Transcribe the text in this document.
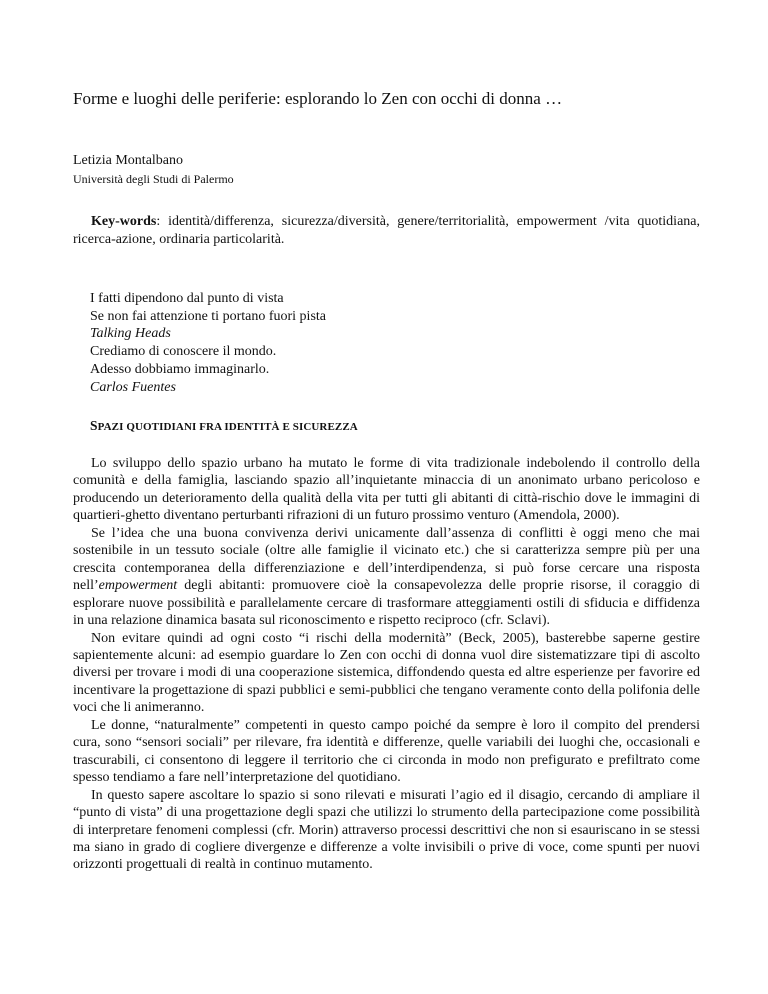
Forme e luoghi delle periferie: esplorando lo Zen con occhi di donna …
Letizia Montalbano
Università degli Studi di Palermo

Key-words: identità/differenza, sicurezza/diversità, genere/territorialità, empowerment /vita quotidiana, ricerca-azione, ordinaria particolarità.

I fatti dipendono dal punto di vista
Se non fai attenzione ti portano fuori pista
Talking Heads
Crediamo di conoscere il mondo.
Adesso dobbiamo immaginarlo.
Carlos Fuentes
SPAZI QUOTIDIANI FRA IDENTITÀ E SICUREZZA

Lo sviluppo dello spazio urbano ha mutato le forme di vita tradizionale indebolendo il controllo della comunità e della famiglia, lasciando spazio all’inquietante minaccia di un anonimato urbano pericoloso e producendo un deterioramento della qualità della vita per tutti gli abitanti di città-rischio dove le immagini di quartieri-ghetto diventano perturbanti rifrazioni di un futuro prossimo venturo (Amendola, 2000).

Se l’idea che una buona convivenza derivi unicamente dall’assenza di conflitti è oggi meno che mai sostenibile in un tessuto sociale (oltre alle famiglie il vicinato etc.) che si caratterizza sempre più per una crescita contemporanea della differenziazione e dell’interdipendenza, si può forse cercare una risposta nell’empowerment degli abitanti: promuovere cioè la consapevolezza delle proprie risorse, il coraggio di esplorare nuove possibilità e parallelamente cercare di trasformare atteggiamenti ostili di sfiducia e diffidenza in una relazione dinamica basata sul riconoscimento e rispetto reciproco (cfr. Sclavi).

Non evitare quindi ad ogni costo “i rischi della modernità” (Beck, 2005), basterebbe saperne gestire sapientemente alcuni: ad esempio guardare lo Zen con occhi di donna vuol dire sistematizzare tipi di ascolto diversi per trovare i modi di una cooperazione sistemica, diffondendo questa ed altre esperienze per favorire ed incentivare la progettazione di spazi pubblici e semi-pubblici che tengano veramente conto della polifonia delle voci che li animeranno.

Le donne, “naturalmente” competenti in questo campo poiché da sempre è loro il compito del prendersi cura, sono “sensori sociali” per rilevare, fra identità e differenze, quelle variabili dei luoghi che, occasionali e trascurabili, ci consentono di leggere il territorio che ci circonda in modo non prefigurato e prefiltrato come spesso tendiamo a fare nell’interpretazione del quotidiano.

In questo sapere ascoltare lo spazio si sono rilevati e misurati l’agio ed il disagio, cercando di ampliare il “punto di vista” di una progettazione degli spazi che utilizzi lo strumento della partecipazione come possibilità di interpretare fenomeni complessi (cfr. Morin) attraverso processi descrittivi che non si esauriscano in se stessi ma siano in grado di cogliere divergenze e differenze a volte invisibili o prive di voce, come spunti per nuovi orizzonti progettuali di realtà in continuo mutamento.
